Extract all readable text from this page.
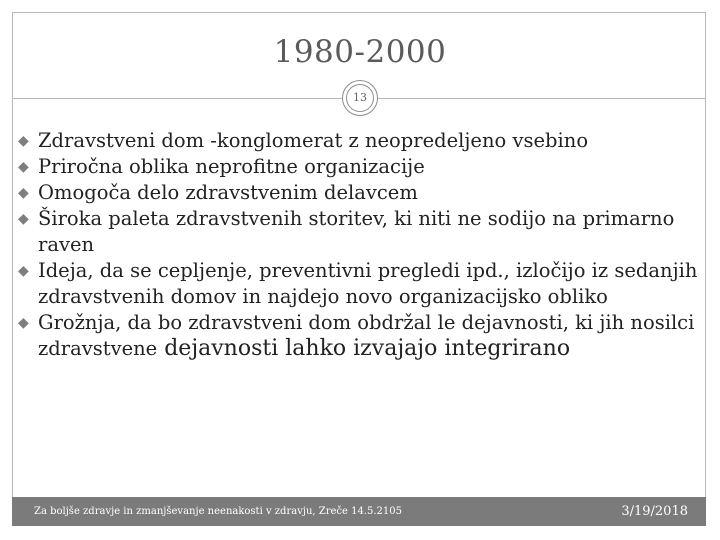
1980-2000
13
◆ Zdravstveni dom -konglomerat z neopredeljeno vsebino
◆ Priročna oblika neprofitne organizacije
◆ Omogoča delo zdravstvenim delavcem
◆ Široka paleta zdravstvenih storitev, ki niti ne sodijo na primarno raven
◆ Ideja, da se cepljenje, preventivni pregledi ipd., izločijo iz sedanjih zdravstvenih domov in najdejo novo organizacijsko obliko
◆ Grožnja, da bo zdravstveni dom obdržal le dejavnosti, ki jih nosilci zdravstvene dejavnosti lahko izvajajo integrirano
Za boljše zdravje in zmanjševanje neenakosti v zdravju, Zreče 14.5.2105	3/19/2018
